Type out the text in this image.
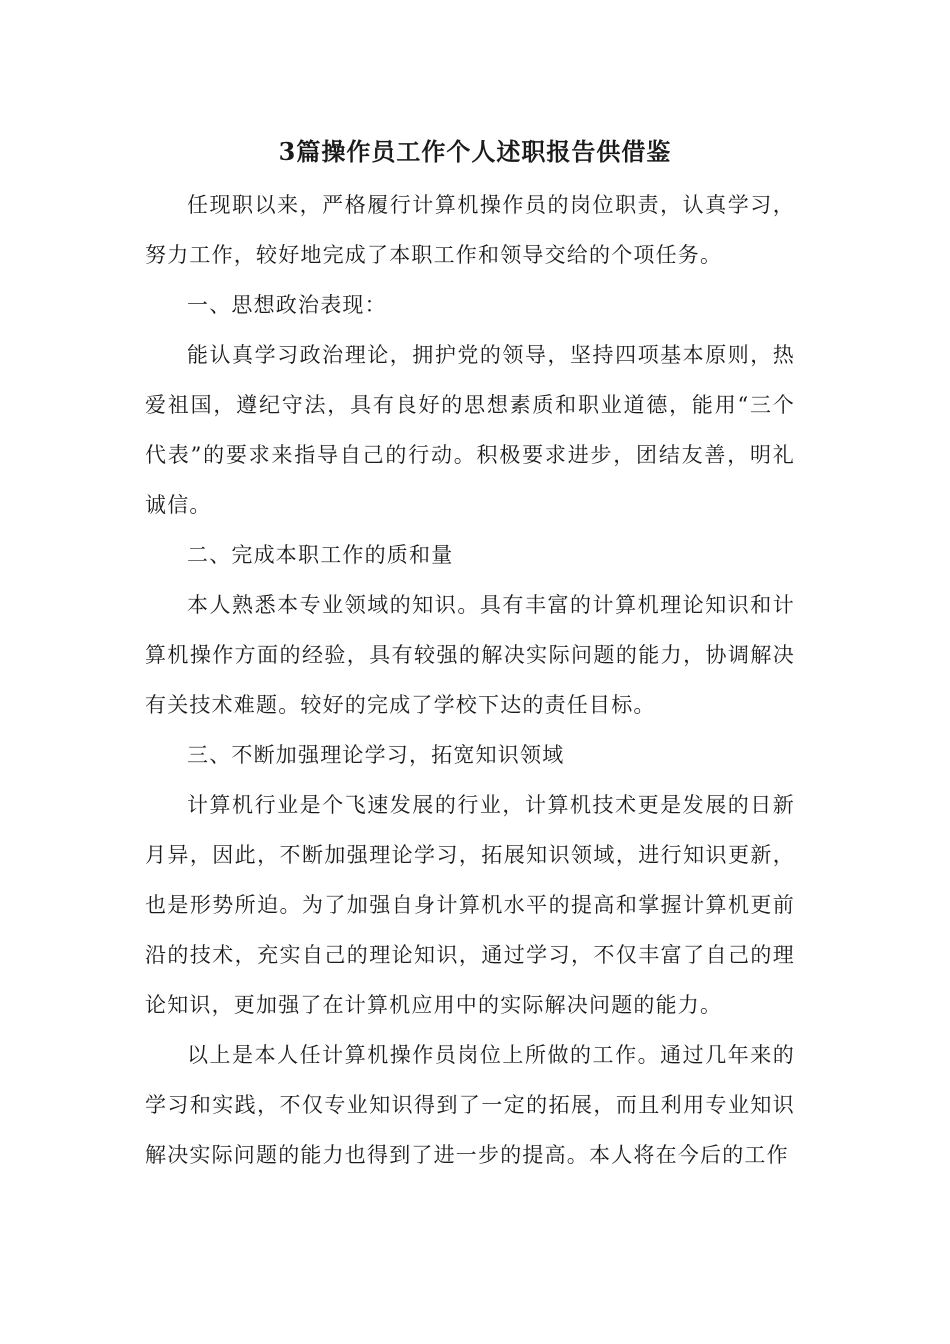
3篇操作员工作个人述职报告供借鉴

任现职以来，严格履行计算机操作员的岗位职责，认真学习，努力工作，较好地完成了本职工作和领导交给的个项任务。

一、思想政治表现：

能认真学习政治理论，拥护党的领导，坚持四项基本原则，热爱祖国，遵纪守法，具有良好的思想素质和职业道德，能用“三个代表”的要求来指导自己的行动。积极要求进步，团结友善，明礼诚信。

二、完成本职工作的质和量

本人熟悉本专业领域的知识。具有丰富的计算机理论知识和计算机操作方面的经验，具有较强的解决实际问题的能力，协调解决有关技术难题。较好的完成了学校下达的责任目标。

三、不断加强理论学习，拓宽知识领域

计算机行业是个飞速发展的行业，计算机技术更是发展的日新月异，因此，不断加强理论学习，拓展知识领域，进行知识更新，也是形势所迫。为了加强自身计算机水平的提高和掌握计算机更前沿的技术，充实自己的理论知识，通过学习，不仅丰富了自己的理论知识，更加强了在计算机应用中的实际解决问题的能力。

以上是本人任计算机操作员岗位上所做的工作。通过几年来的学习和实践，不仅专业知识得到了一定的拓展，而且利用专业知识解决实际问题的能力也得到了进一步的提高。本人将在今后的工作
